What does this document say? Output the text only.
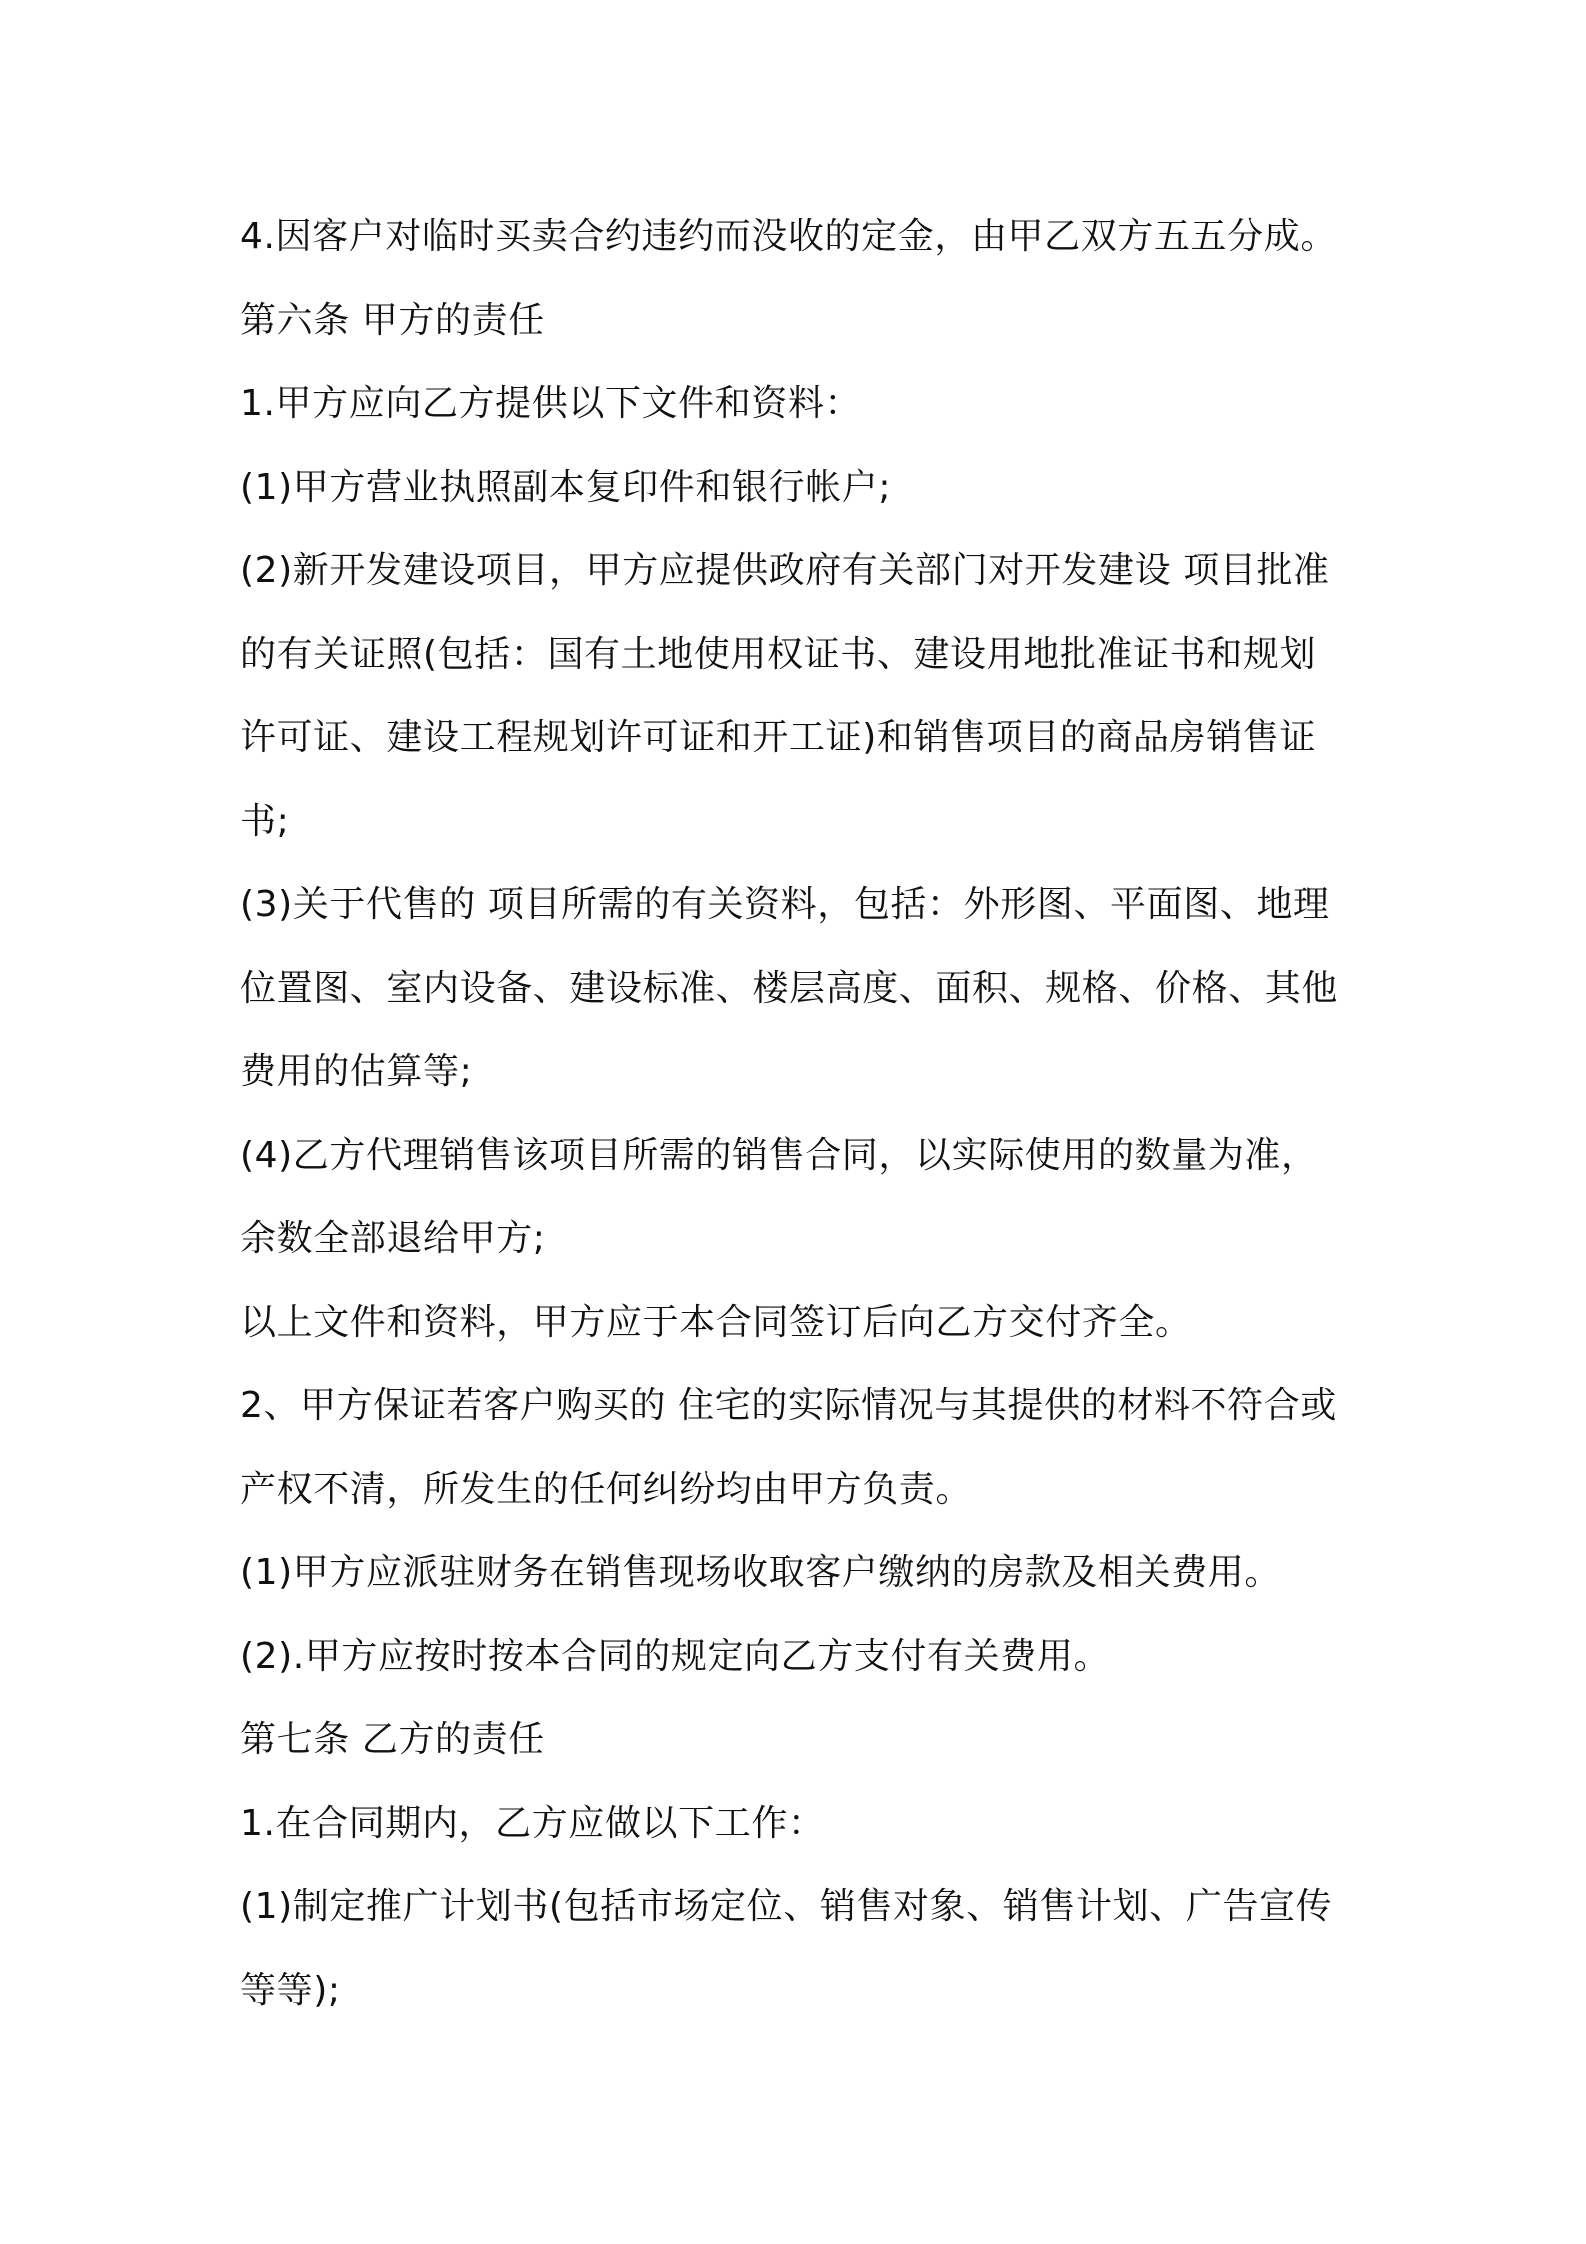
4.因客户对临时买卖合约违约而没收的定金，由甲乙双方五五分成。
第六条 甲方的责任
1.甲方应向乙方提供以下文件和资料：
(1)甲方营业执照副本复印件和银行帐户;
(2)新开发建设项目，甲方应提供政府有关部门对开发建设 项目批准
的有关证照(包括：国有土地使用权证书、建设用地批准证书和规划
许可证、建设工程规划许可证和开工证)和销售项目的商品房销售证
书;
(3)关于代售的 项目所需的有关资料，包括：外形图、平面图、地理
位置图、室内设备、建设标准、楼层高度、面积、规格、价格、其他
费用的估算等;
(4)乙方代理销售该项目所需的销售合同，以实际使用的数量为准，
余数全部退给甲方;
以上文件和资料，甲方应于本合同签订后向乙方交付齐全。
2、甲方保证若客户购买的 住宅的实际情况与其提供的材料不符合或
产权不清，所发生的任何纠纷均由甲方负责。
(1)甲方应派驻财务在销售现场收取客户缴纳的房款及相关费用。
(2).甲方应按时按本合同的规定向乙方支付有关费用。
第七条 乙方的责任
1.在合同期内，乙方应做以下工作：
(1)制定推广计划书(包括市场定位、销售对象、销售计划、广告宣传
等等);
